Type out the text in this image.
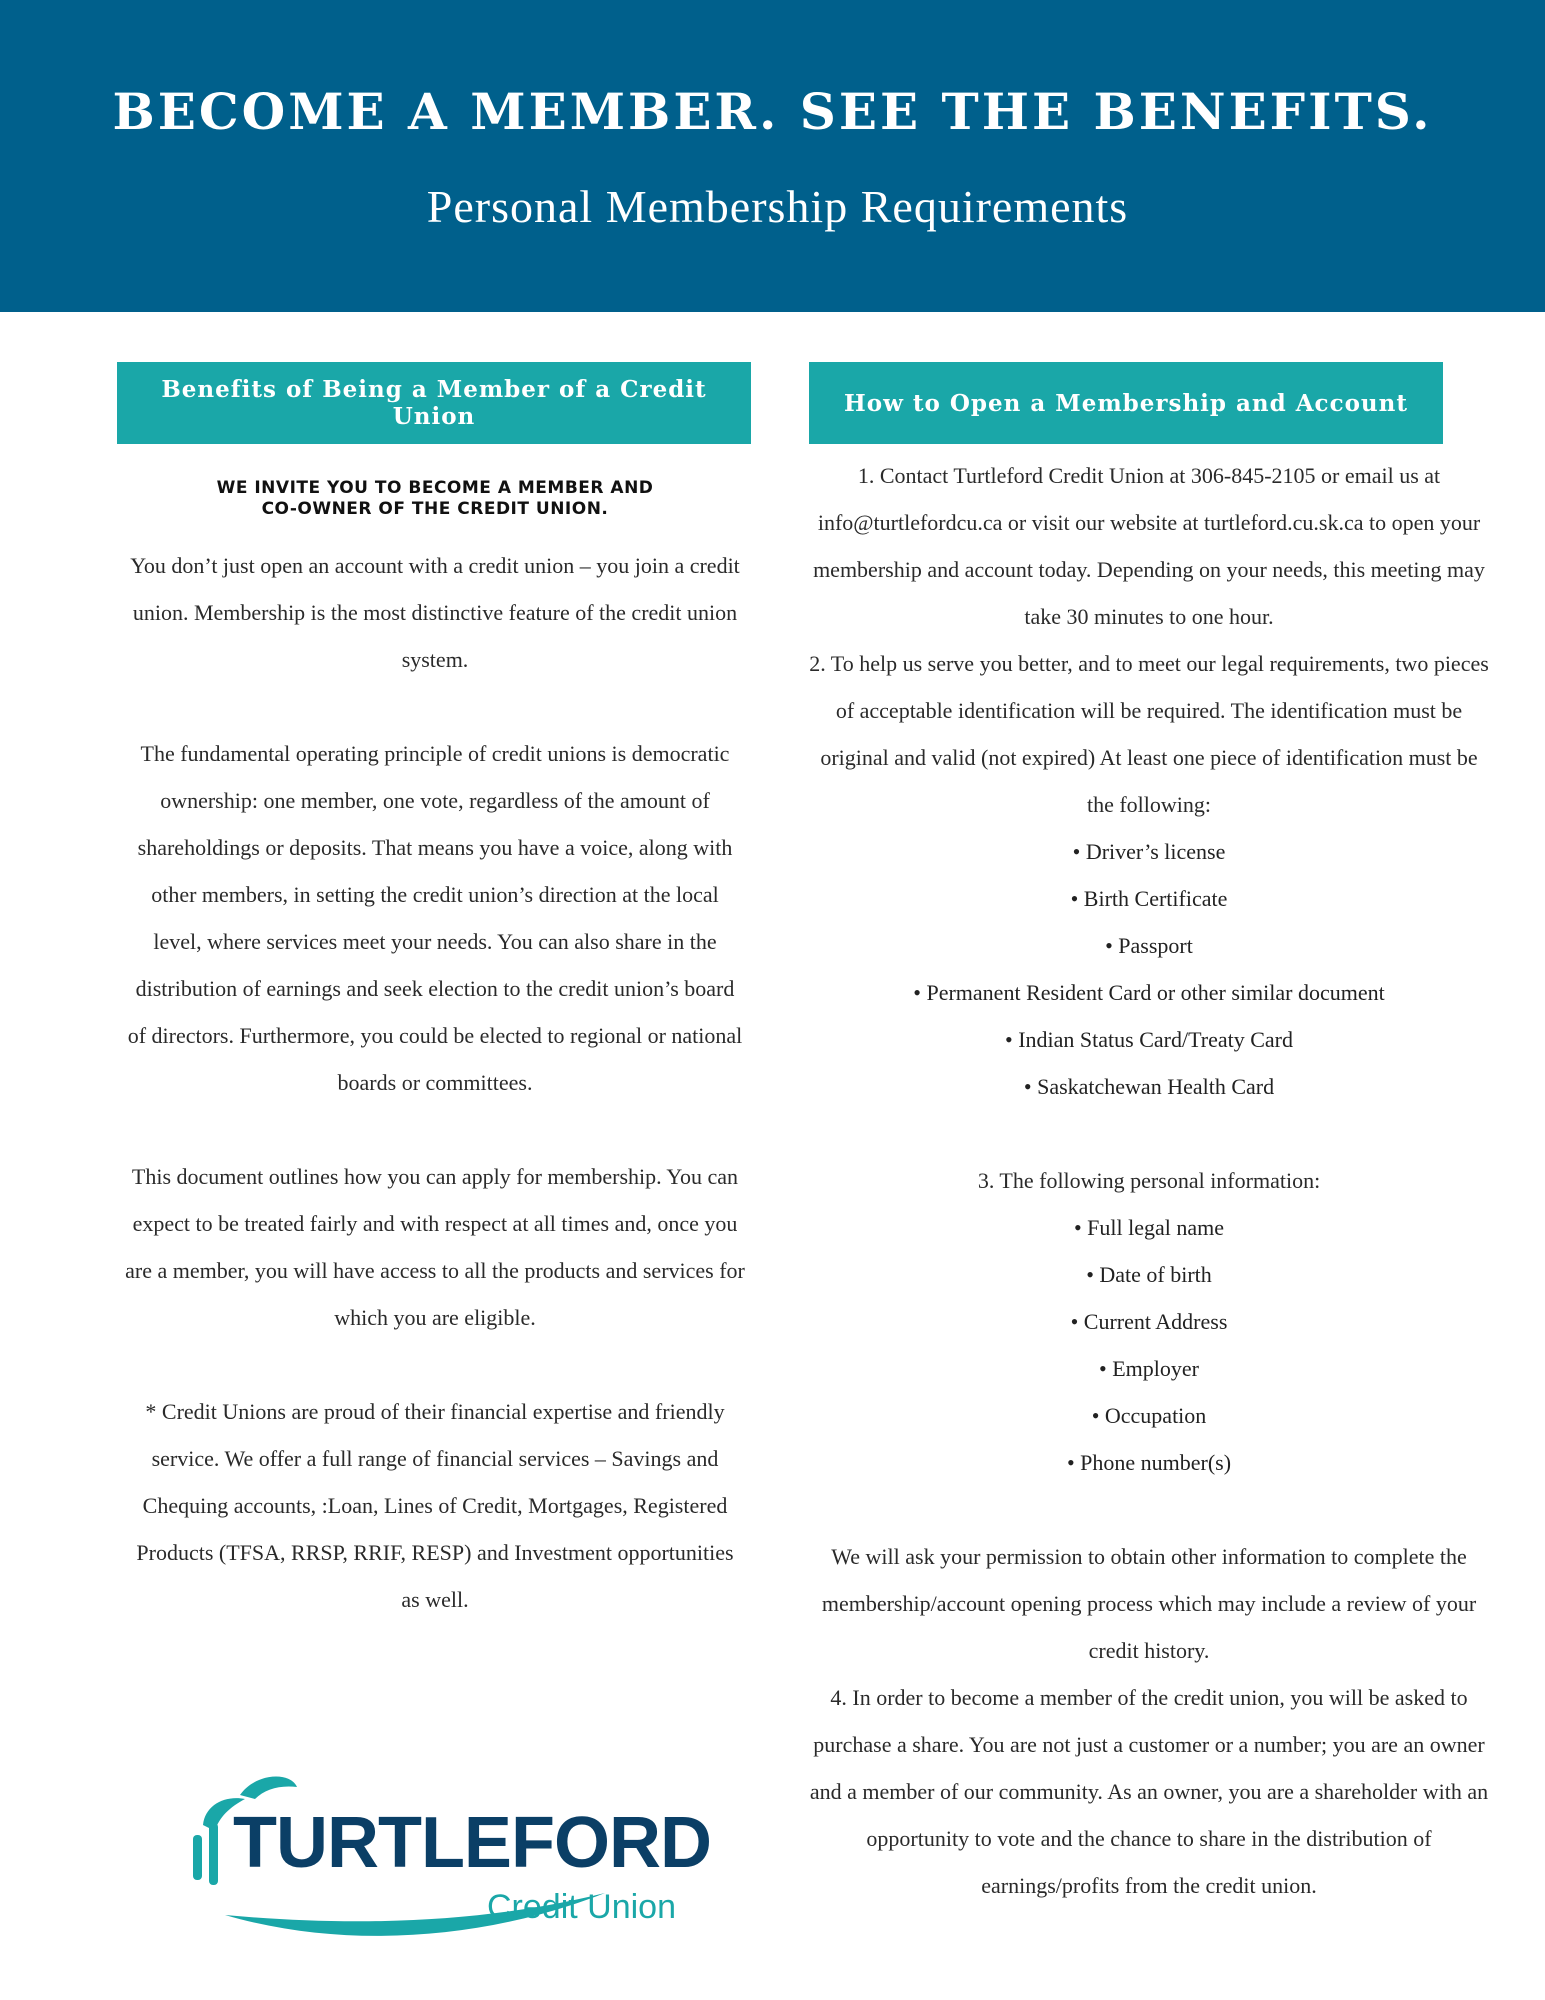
BECOME A MEMBER. SEE THE BENEFITS.
Personal Membership Requirements
Benefits of Being a Member of a Credit Union
WE INVITE YOU TO BECOME A MEMBER AND
CO-OWNER OF THE CREDIT UNION.

You don’t just open an account with a credit union – you join a credit union. Membership is the most distinctive feature of the credit union system.

The fundamental operating principle of credit unions is democratic ownership: one member, one vote, regardless of the amount of shareholdings or deposits. That means you have a voice, along with other members, in setting the credit union’s direction at the local level, where services meet your needs. You can also share in the distribution of earnings and seek election to the credit union’s board of directors. Furthermore, you could be elected to regional or national boards or committees.

This document outlines how you can apply for membership. You can expect to be treated fairly and with respect at all times and, once you are a member, you will have access to all the products and services for which you are eligible.

* Credit Unions are proud of their financial expertise and friendly service. We offer a full range of financial services – Savings and Chequing accounts, :Loan, Lines of Credit, Mortgages, Registered Products (TFSA, RRSP, RRIF, RESP) and Investment opportunities as well.

TURTLEFORD
Credit Union
How to Open a Membership and Account
1. Contact Turtleford Credit Union at 306-845-2105 or email us at info@turtlefordcu.ca or visit our website at turtleford.cu.sk.ca to open your membership and account today. Depending on your needs, this meeting may take 30 minutes to one hour.
2. To help us serve you better, and to meet our legal requirements, two pieces of acceptable identification will be required. The identification must be original and valid (not expired) At least one piece of identification must be the following:
• Driver’s license
• Birth Certificate
• Passport
• Permanent Resident Card or other similar document
• Indian Status Card/Treaty Card
• Saskatchewan Health Card
3. The following personal information:
• Full legal name
• Date of birth
• Current Address
• Employer
• Occupation
• Phone number(s)
We will ask your permission to obtain other information to complete the membership/account opening process which may include a review of your credit history.
4. In order to become a member of the credit union, you will be asked to purchase a share. You are not just a customer or a number; you are an owner and a member of our community. As an owner, you are a shareholder with an opportunity to vote and the chance to share in the distribution of earnings/profits from the credit union.
